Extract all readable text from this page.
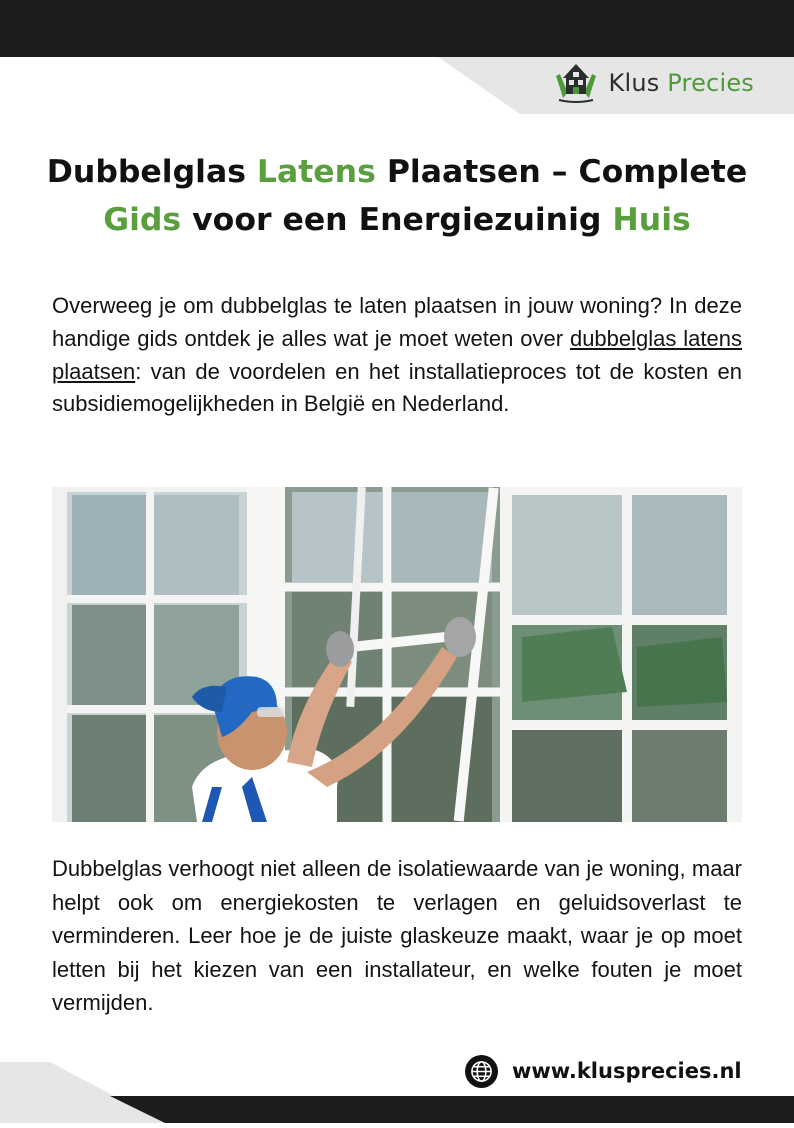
Klus Precies
Dubbelglas Latens Plaatsen – Complete
Gids voor een Energiezuinig Huis

Overweeg je om dubbelglas te laten plaatsen in jouw woning? In deze handige gids ontdek je alles wat je moet weten over dubbelglas latens plaatsen: van de voordelen en het installatieproces tot de kosten en subsidiemogelijkheden in België en Nederland.

Dubbelglas verhoogt niet alleen de isolatiewaarde van je woning, maar helpt ook om energiekosten te verlagen en geluidsoverlast te verminderen. Leer hoe je de juiste glaskeuze maakt, waar je op moet letten bij het kiezen van een installateur, en welke fouten je moet vermijden.

www.klusprecies.nl
